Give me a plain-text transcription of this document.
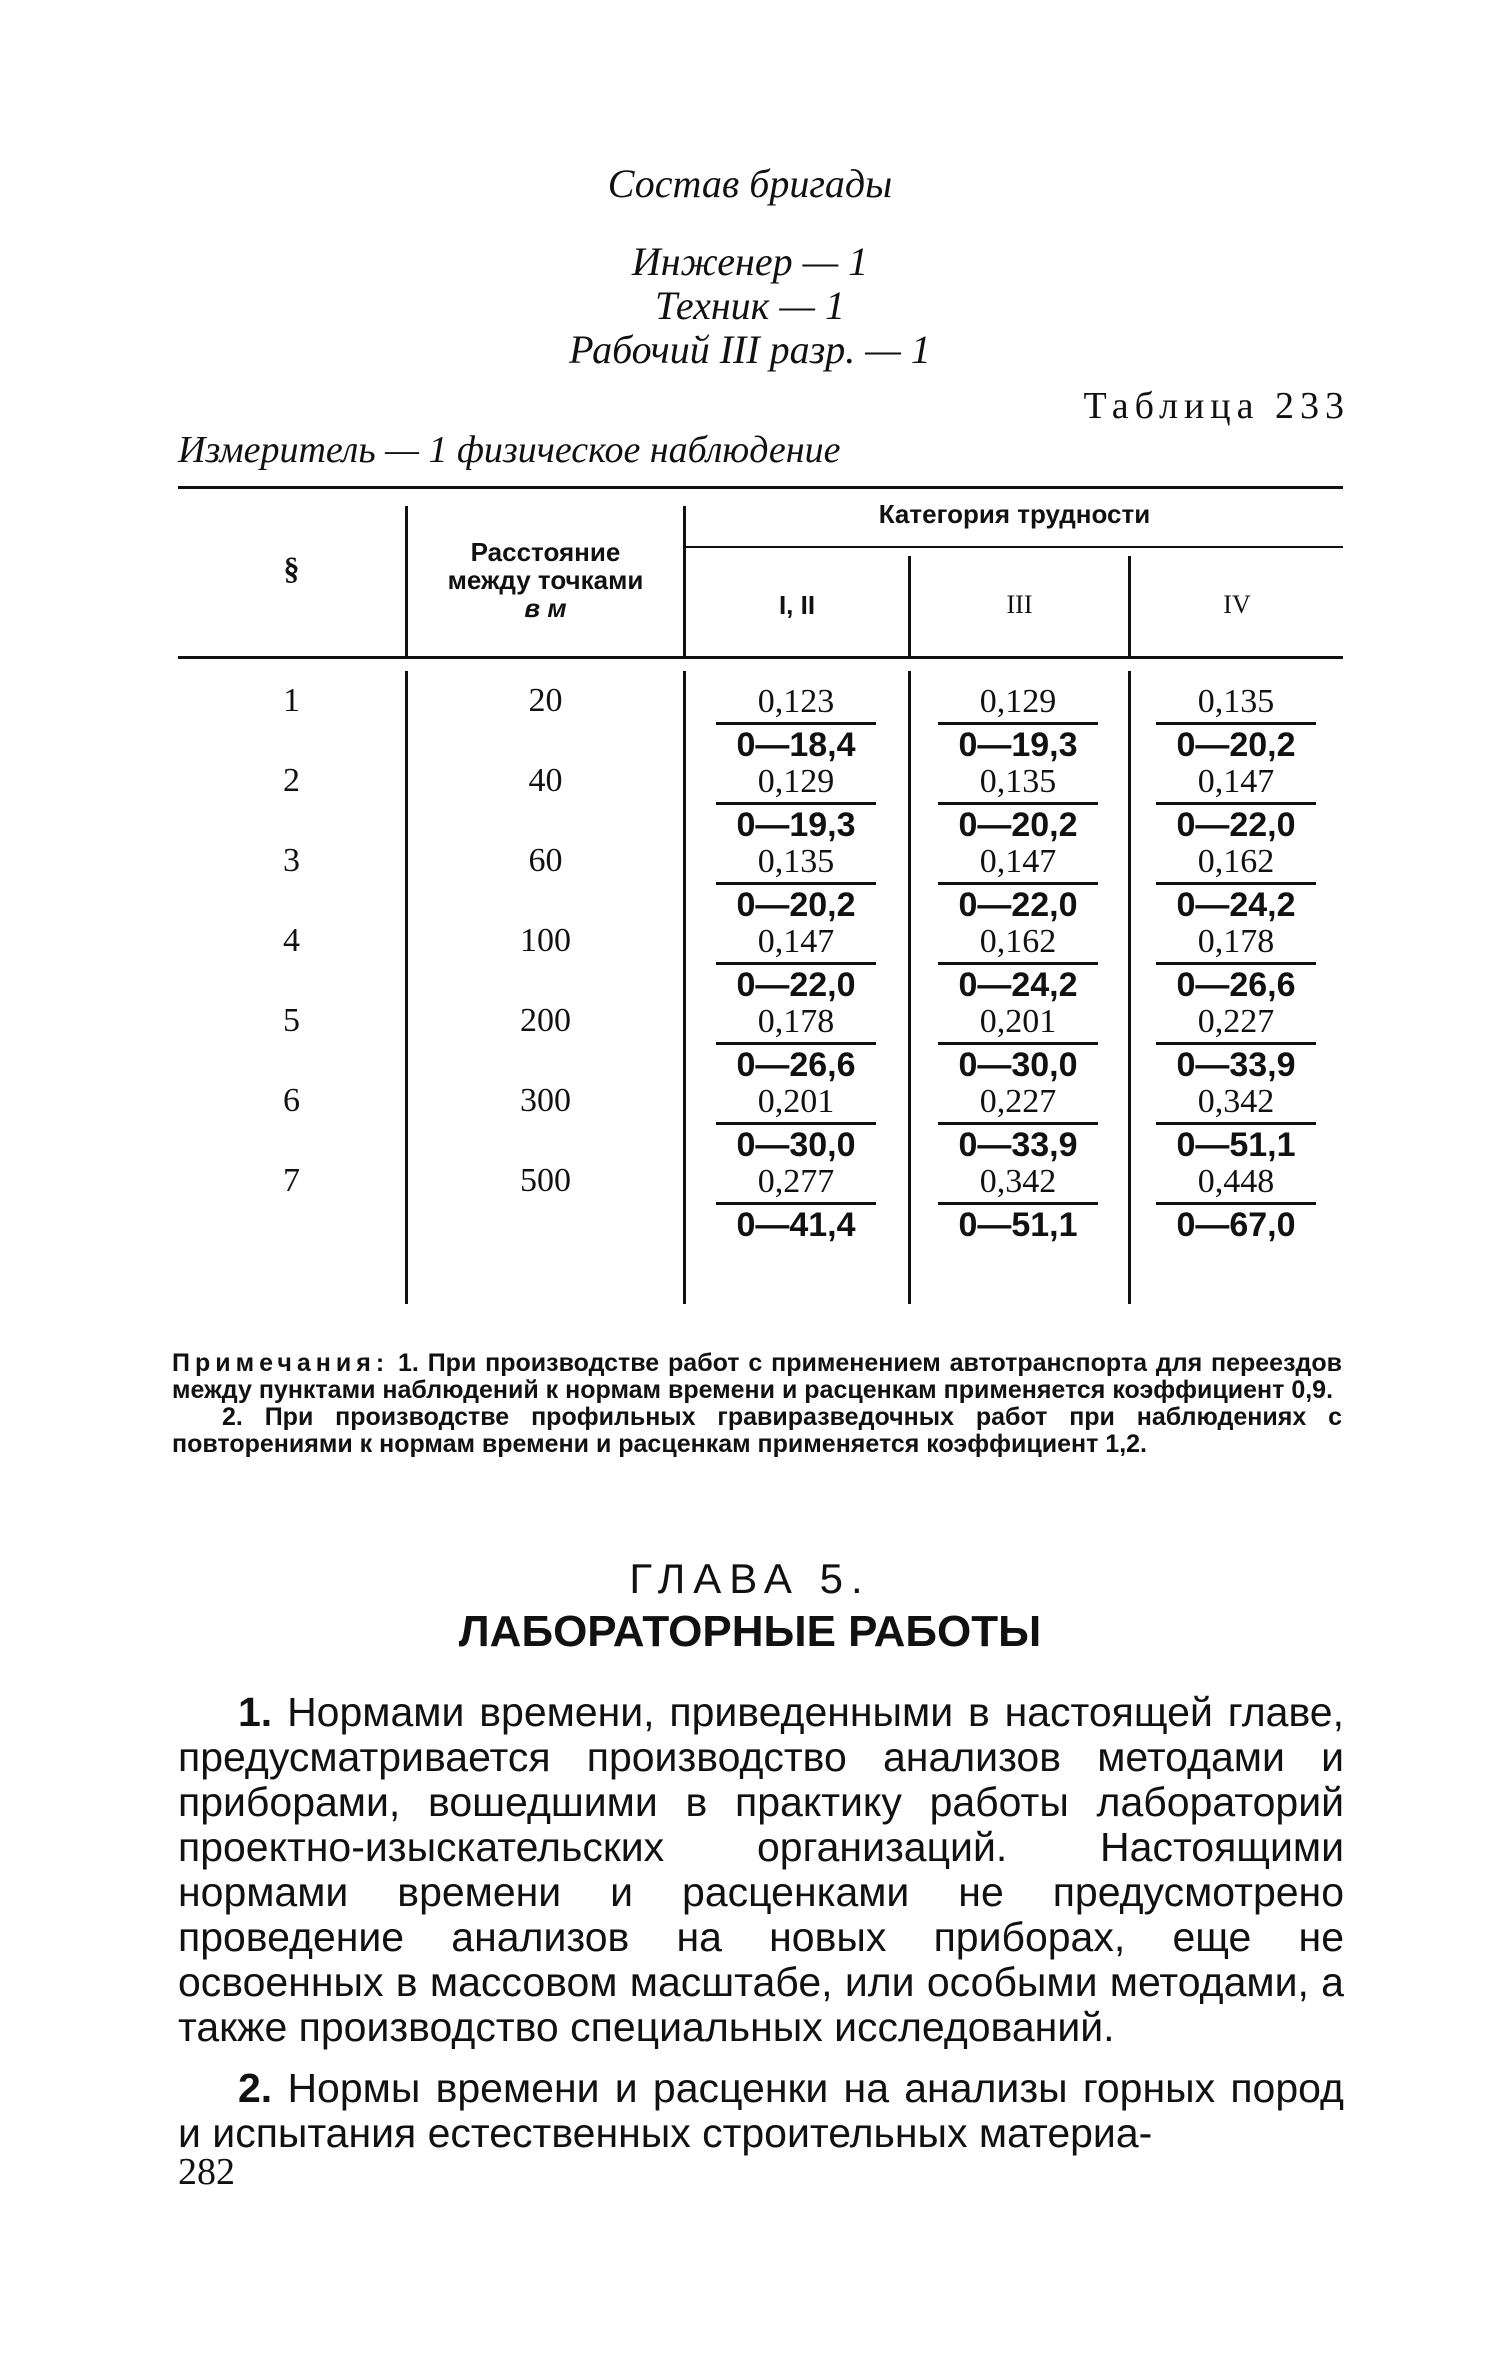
Состав бригады
Инженер — 1
Техник — 1
Рабочий III разр. — 1
Таблица 233
Измеритель — 1 физическое наблюдение
§	Расстояние
между точками
в м
Категория трудности
I, II	III	IV
1	20	$\frac{0,123}{0—18,4} \frac{0,129}{0—19,3} \frac{0,135}{0—20,2}$
2	40	$\frac{0,129}{0—19,3} \frac{0,135}{0—20,2} \frac{0,147}{0—22,0}$
3	60	$\frac{0,135}{0—20,2} \frac{0,147}{0—22,0} \frac{0,162}{0—24,2}$
4	100	$\frac{0,147}{0—22,0} \frac{0,162}{0—24,2} \frac{0,178}{0—26,6}$
5	200	$\frac{0,178}{0—26,6} \frac{0,201}{0—30,0} \frac{0,227}{0—33,9}$
6	300	$\frac{0,201}{0—30,0} \frac{0,227}{0—33,9} \frac{0,342}{0—51,1}$
7	500	$\frac{0,277}{0—41,4} \frac{0,342}{0—51,1} \frac{0,448}{0—67,0}$

Примечания: 1. При производстве работ с применением автотранспорта для переездов между пунктами наблюдений к нормам времени и расценкам применяется коэффициент 0,9.

2. При производстве профильных гравиразведочных работ при наблюдениях с повторениями к нормам времени и расценкам применяется коэффициент 1,2.

ГЛАВА 5.
ЛАБОРАТОРНЫЕ РАБОТЫ

1. Нормами времени, приведенными в настоящей главе, предусматривается производство анализов методами и приборами, вошедшими в практику работы лабораторий проектно-изыскательских организаций. Настоящими нормами времени и расценками не предусмотрено проведение анализов на новых приборах, еще не освоенных в массовом масштабе, или особыми методами, а также производство специальных исследований.

2. Нормы времени и расценки на анализы горных пород и испытания естественных строительных материа-

282
